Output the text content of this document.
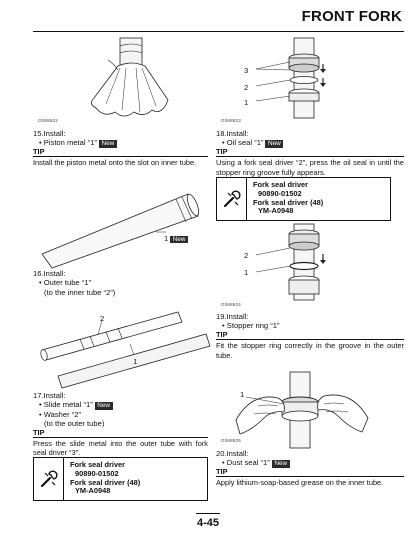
FRONT FORK
G088922
15.Install:
• Piston metal “1” New
TIP
Install the piston metal onto the slot on inner tube.
1 New
16.Install:
• Outer tube “1”
(to the inner tube “2”)
2
1
17.Install:
• Slide metal “1” New
• Washer “2”
(to the outer tube)
TIP
Press the slide metal into the outer tube with fork seal driver “3”.
Fork seal driver
90890-01502
Fork seal driver (48)
YM-A0948
3
2
1
G088923
18.Install:
• Oil seal “1” New
TIP
Using a fork seal driver “2”, press the oil seal in until the stopper ring groove fully appears.
Fork seal driver
90890-01502
Fork seal driver (48)
YM-A0948
2
1
G088924
19.Install:
• Stopper ring “1”
TIP
Fit the stopper ring correctly in the groove in the outer tube.
1
G088925
20.Install:
• Dust seal “1” New
TIP
Apply lithium-soap-based grease on the inner tube.
4-45
